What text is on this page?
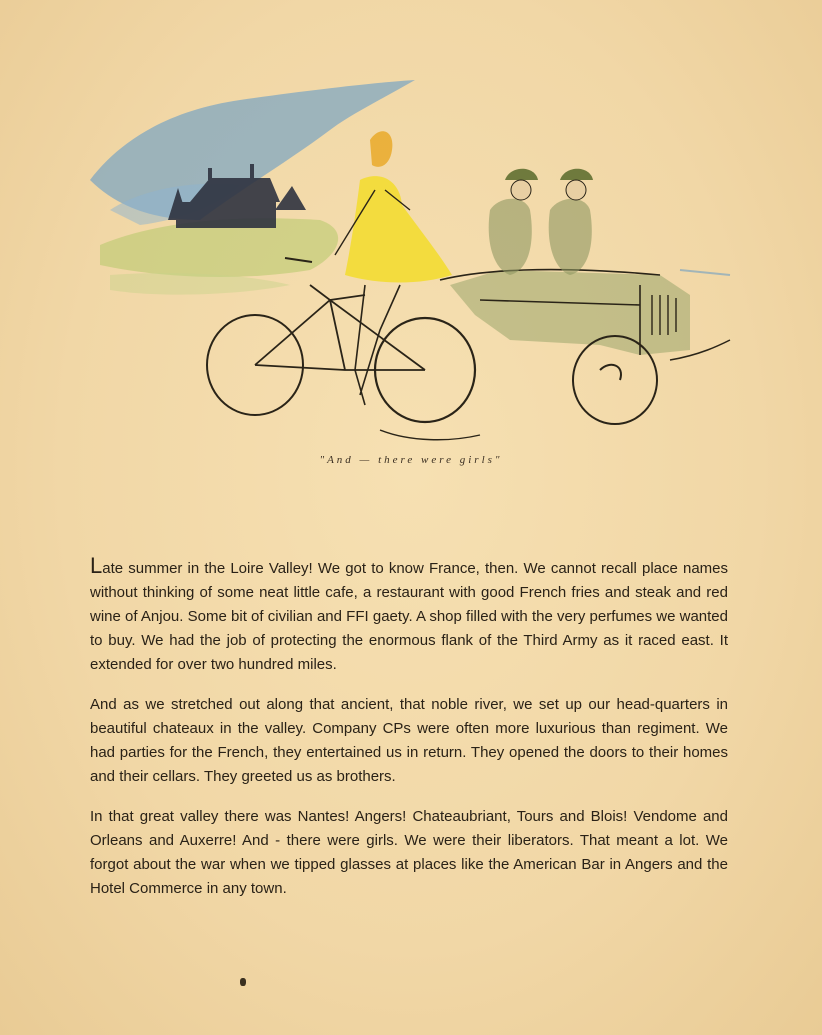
"And — there were girls"

Late summer in the Loire Valley! We got to know France, then. We cannot recall place names without thinking of some neat little cafe, a restaurant with good French fries and steak and red wine of Anjou. Some bit of civilian and FFI gaety. A shop filled with the very perfumes we wanted to buy. We had the job of protecting the enormous flank of the Third Army as it raced east. It extended for over two hundred miles.

And as we stretched out along that ancient, that noble river, we set up our head-quarters in beautiful chateaux in the valley. Company CPs were often more luxurious than regiment. We had parties for the French, they entertained us in return. They opened the doors to their homes and their cellars. They greeted us as brothers.

In that great valley there was Nantes! Angers! Chateaubriant, Tours and Blois! Vendome and Orleans and Auxerre! And - there were girls. We were their liberators. That meant a lot. We forgot about the war when we tipped glasses at places like the American Bar in Angers and the Hotel Commerce in any town.
